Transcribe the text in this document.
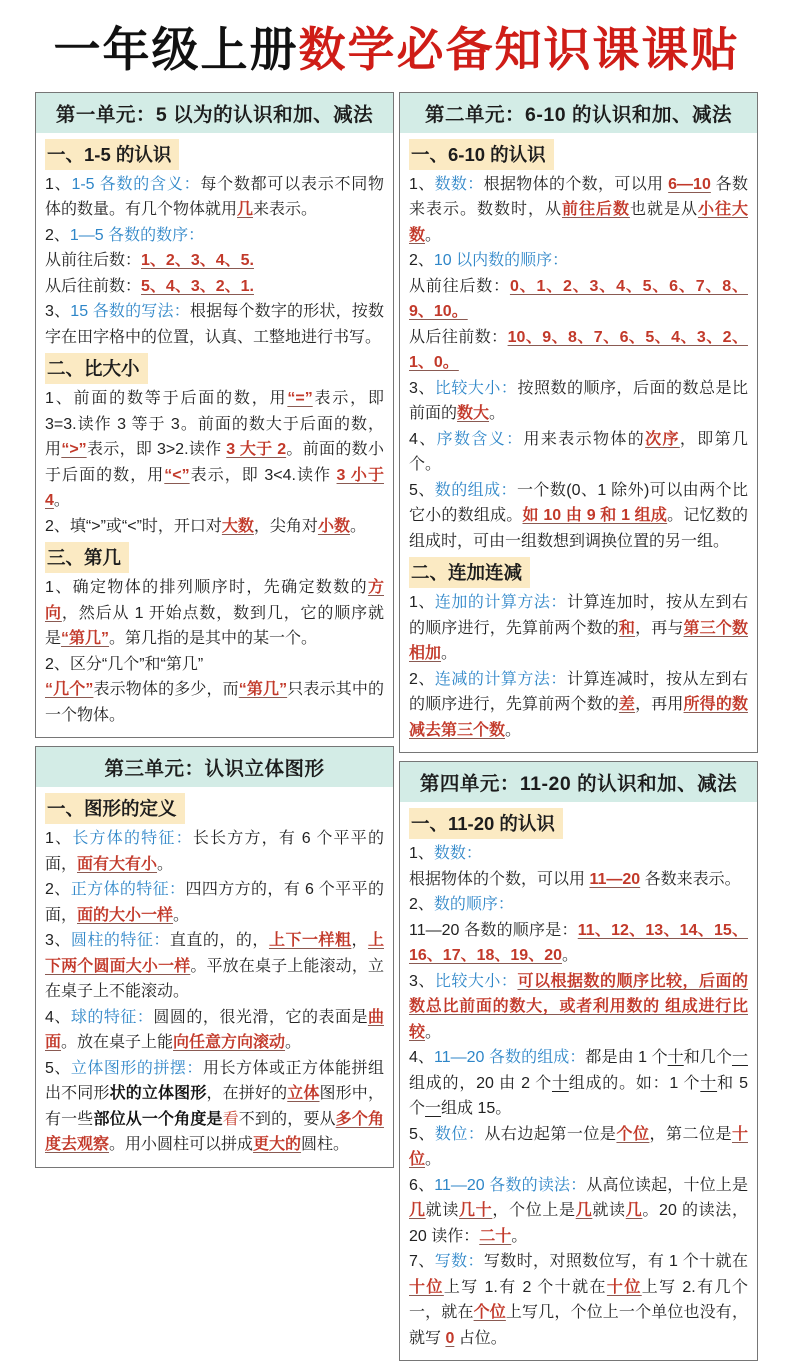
一年级上册数学必备知识课课贴
第一单元：5 以为的认识和加、减法
一、1-5 的认识

1、1-5 各数的含义：每个数都可以表示不同物体的数量。有几个物体就用几来表示。

2、1—5 各数的数序：

从前往后数：1、2、3、4、5.

从后往前数：5、4、3、2、1.

3、15 各数的写法：根据每个数字的形状，按数字在田字格中的位置，认真、工整地进行书写。

二、比大小

1、前面的数等于后面的数，用“=”表示，即 3=3.读作 3 等于 3。前面的数大于后面的数，用“>”表示，即 3>2.读作 3 大于 2。前面的数小于后面的数，用“<”表示，即 3<4.读作 3 小于 4。

2、填“>”或“<”时，开口对大数，尖角对小数。

三、第几

1、确定物体的排列顺序时，先确定数数的方向，然后从 1 开始点数，数到几，它的顺序就是“第几”。第几指的是其中的某一个。

2、区分“几个”和“第几”

“几个”表示物体的多少，而“第几”只表示其中的一个物体。

第三单元：认识立体图形
一、图形的定义

1、长方体的特征：长长方方，有 6 个平平的面，面有大有小。

2、正方体的特征：四四方方的，有 6 个平平的面，面的大小一样。

3、圆柱的特征：直直的，的，上下一样粗，上下两个圆面大小一样。平放在桌子上能滚动，立在桌子上不能滚动。

4、球的特征：圆圆的，很光滑，它的表面是曲面。放在桌子上能向任意方向滚动。

5、立体图形的拼摆：用长方体或正方体能拼组出不同形状的立体图形，在拼好的立体图形中，有一些部位从一个角度是看不到的，要从多个角度去观察。用小圆柱可以拼成更大的圆柱。

第二单元：6-10 的认识和加、减法
一、6-10 的认识

1、数数：根据物体的个数，可以用 6—10 各数来表示。数数时，从前往后数也就是从小往大数。

2、10 以内数的顺序：

从前往后数：0、1、2、3、4、5、6、7、8、9、10。

从后往前数：10、9、8、7、6、5、4、3、2、1、0。

3、比较大小：按照数的顺序，后面的数总是比前面的数大。

4、序数含义：用来表示物体的次序，即第几个。

5、数的组成：一个数(0、1 除外)可以由两个比它小的数组成。如 10 由 9 和 1 组成。记忆数的组成时，可由一组数想到调换位置的另一组。

二、连加连减

1、连加的计算方法：计算连加时，按从左到右的顺序进行，先算前两个数的和，再与第三个数相加。

2、连减的计算方法：计算连减时，按从左到右的顺序进行，先算前两个数的差，再用所得的数减去第三个数。

第四单元：11-20 的认识和加、减法
一、11-20 的认识

1、数数：

根据物体的个数，可以用 11—20 各数来表示。

2、数的顺序：

11—20 各数的顺序是：11、12、13、14、15、16、17、18、19、20。

3、比较大小：可以根据数的顺序比较，后面的数总比前面的数大，或者利用数的 组成进行比较。

4、11—20 各数的组成：都是由 1 个十和几个一组成的，20 由 2 个十组成的。如：1 个十和 5 个一组成 15。

5、数位：从右边起第一位是个位，第二位是十位。

6、11—20 各数的读法：从高位读起，十位上是几就读几十，个位上是几就读几。20 的读法，20 读作：二十。

7、写数：写数时，对照数位写，有 1 个十就在十位上写 1.有 2 个十就在十位上写 2.有几个一，就在个位上写几，个位上一个单位也没有，就写 0 占位。
